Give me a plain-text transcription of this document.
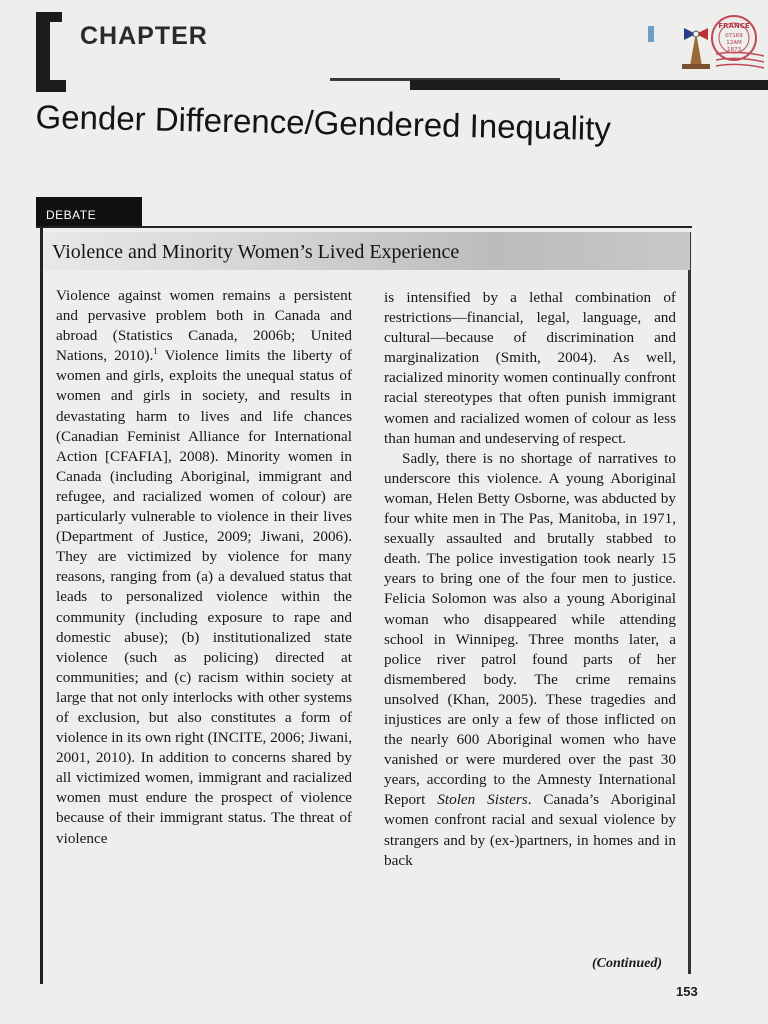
CHAPTER	FRANCE
07169
12AM
1873
Gender Difference/Gendered Inequality
DEBATE
Violence and Minority Women’s Lived Experience

Violence against women remains a persistent and pervasive problem both in Canada and abroad (Statistics Canada, 2006b; United Nations, 2010).$^1$ Violence limits the liberty of women and girls, exploits the unequal status of women and girls in society, and results in devastating harm to lives and life chances (Canadian Feminist Alliance for International Action [CFAFIA], 2008). Minority women in Canada (including Aboriginal, immigrant and refugee, and racialized women of colour) are particularly vulnerable to violence in their lives (Department of Justice, 2009; Jiwani, 2006). They are victimized by violence for many reasons, ranging from (a) a devalued status that leads to personalized violence within the community (including exposure to rape and domestic abuse); (b) institutionalized state violence (such as policing) directed at communities; and (c) racism within society at large that not only interlocks with other systems of exclusion, but also constitutes a form of violence in its own right (INCITE, 2006; Jiwani, 2001, 2010). In addition to concerns shared by all victimized women, immigrant and racialized women must endure the prospect of violence because of their immigrant status. The threat of violence

is intensified by a lethal combination of restrictions—financial, legal, language, and cultural—because of discrimination and marginalization (Smith, 2004). As well, racialized minority women continually confront racial stereotypes that often punish immigrant women and racialized women of colour as less than human and undeserving of respect.
Sadly, there is no shortage of narratives to underscore this violence. A young Aboriginal woman, Helen Betty Osborne, was abducted by four white men in The Pas, Manitoba, in 1971, sexually assaulted and brutally stabbed to death. The police investigation took nearly 15 years to bring one of the four men to justice. Felicia Solomon was also a young Aboriginal woman who disappeared while attending school in Winnipeg. Three months later, a police river patrol found parts of her dismembered body. The crime remains unsolved (Khan, 2005). These tragedies and injustices are only a few of those inflicted on the nearly 600 Aboriginal women who have vanished or were murdered over the past 30 years, according to the Amnesty International Report Stolen Sisters. Canada’s Aboriginal women confront racial and sexual violence by strangers and by (ex-)partners, in homes and in back
(Continued)
153
